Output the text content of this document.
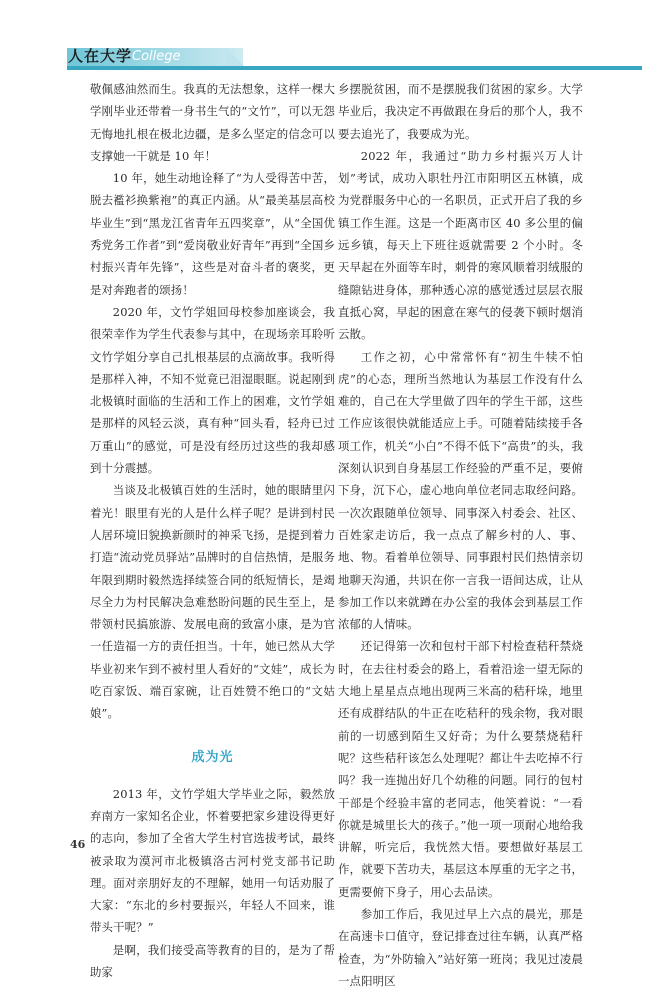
人在大学 College

敬佩感油然而生。我真的无法想象，这样一棵大学刚毕业还带着一身书生气的“文竹”，可以无怨无悔地扎根在极北边疆，是多么坚定的信念可以支撑她一干就是 10 年！

10 年，她生动地诠释了“为人受得苦中苦，脱去襤衫换紫袍”的真正内涵。从“最美基层高校毕业生”到“黑龙江省青年五四奖章”，从“全国优秀党务工作者”到“爱岗敬业好青年”再到“全国乡村振兴青年先锋”，这些是对奋斗者的褒奖，更是对奔跑者的颂扬！

2020 年，文竹学姐回母校参加座谈会，我很荣幸作为学生代表参与其中，在现场亲耳聆听文竹学姐分享自己扎根基层的点滴故事。我听得是那样入神，不知不觉竟已泪湿眼眶。说起刚到北极镇时面临的生活和工作上的困难，文竹学姐是那样的风轻云淡，真有种“回头看，轻舟已过万重山”的感觉，可是没有经历过这些的我却感到十分震撼。

当谈及北极镇百姓的生活时，她的眼睛里闪着光！眼里有光的人是什么样子呢？是讲到村民人居环境旧貌换新颜时的神采飞扬，是提到着力打造“流动党员驿站”品牌时的自信热情，是服务年限到期时毅然选择续签合同的纸短情长，是竭尽全力为村民解决急难愁盼问题的民生至上，是带领村民搞旅游、发展电商的致富小康，是为官一任造福一方的责任担当。十年，她已然从大学毕业初来乍到不被村里人看好的“文娃”，成长为吃百家饭、端百家碗，让百姓赞不绝口的“文姑娘”。

成为光

2013 年，文竹学姐大学毕业之际，毅然放弃南方一家知名企业，怀着要把家乡建设得更好的志向，参加了全省大学生村官选拔考试，最终被录取为漠河市北极镇洛古河村党支部书记助理。面对亲朋好友的不理解，她用一句话劝服了大家：“东北的乡村要振兴，年轻人不回来，谁带头干呢？”

是啊，我们接受高等教育的目的，是为了帮助家

乡摆脱贫困，而不是摆脱我们贫困的家乡。大学毕业后，我决定不再做跟在身后的那个人，我不要去追光了，我要成为光。

2022 年，我通过“助力乡村振兴万人计划”考试，成功入职牡丹江市阳明区五林镇，成为党群服务中心的一名职员，正式开启了我的乡镇工作生涯。这是一个距离市区 40 多公里的偏远乡镇，每天上下班往返就需要 2 个小时。冬天早起在外面等车时，刺骨的寒风顺着羽绒服的缝隙钻进身体，那种透心凉的感觉透过层层衣服直抵心窝，早起的困意在寒气的侵袭下顿时烟消云散。

工作之初，心中常常怀有“初生牛犊不怕虎”的心态，理所当然地认为基层工作没有什么难的，自己在大学里做了四年的学生干部，这些工作应该很快就能适应上手。可随着陆续接手各项工作，机关“小白”不得不低下“高贵”的头，我深刻认识到自身基层工作经验的严重不足，要俯下身，沉下心，虚心地向单位老同志取经问路。一次次跟随单位领导、同事深入村委会、社区、百姓家走访后，我一点点了解乡村的人、事、地、物。看着单位领导、同事跟村民们热情亲切地聊天沟通，共识在你一言我一语间达成，让从参加工作以来就蹲在办公室的我体会到基层工作浓郁的人情味。

还记得第一次和包村干部下村检查秸秆禁烧时，在去往村委会的路上，看着沿途一望无际的大地上星星点点地出现两三米高的秸秆垛，地里还有成群结队的牛正在吃秸秆的残余物，我对眼前的一切感到陌生又好奇；为什么要禁烧秸秆呢？这些秸秆该怎么处理呢？都让牛去吃掉不行吗？我一连抛出好几个幼稚的问题。同行的包村干部是个经验丰富的老同志，他笑着说：“一看你就是城里长大的孩子。”他一项一项耐心地给我讲解，听完后，我恍然大悟。要想做好基层工作，就要下苦功夫，基层这本厚重的无字之书，更需要俯下身子，用心去品读。

参加工作后，我见过早上六点的晨光，那是在高速卡口值守，登记排查过往车辆，认真严格检查，为“外防输入”站好第一班岗；我见过凌晨一点阳明区

46
